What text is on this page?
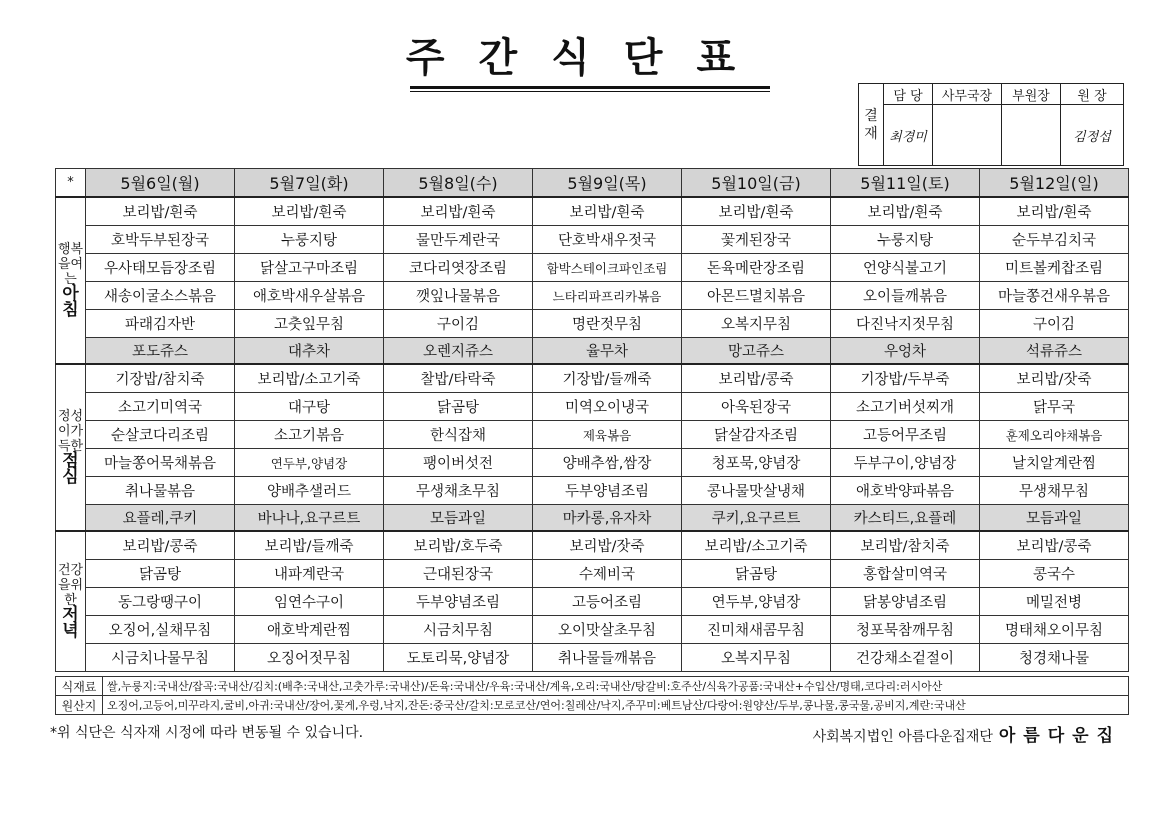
주간식단표
결재	담 당	사무국장	부원장	원 장
	최경미			김정섭
*	5월6일(월)	5월7일(화)	5월8일(수)	5월9일(목)	5월10일(금)	5월11일(토)	5월12일(일)
행복을여는
아침	보리밥/흰죽	보리밥/흰죽	보리밥/흰죽	보리밥/흰죽	보리밥/흰죽	보리밥/흰죽	보리밥/흰죽
	호박두부된장국	누룽지탕	물만두계란국	단호박새우젓국	꽃게된장국	누룽지탕	순두부김치국
	우사태모듬장조림	닭살고구마조림	코다리엿장조림	함박스테이크파인조림	돈육메란장조림	언양식불고기	미트볼케찹조림
	새송이굴소스볶음	애호박새우살볶음	깻잎나물볶음	느타리파프리카볶음	아몬드멸치볶음	오이들깨볶음	마늘쫑건새우볶음
	파래김자반	고춧잎무침	구이김	명란젓무침	오복지무침	다진낙지젓무침	구이김
	포도쥬스	대추차	오렌지쥬스	율무차	망고쥬스	우엉차	석류쥬스
정성이가득한
점심	기장밥/참치죽	보리밥/소고기죽	찰밥/타락죽	기장밥/들깨죽	보리밥/콩죽	기장밥/두부죽	보리밥/잣죽
	소고기미역국	대구탕	닭곰탕	미역오이냉국	아욱된장국	소고기버섯찌개	닭무국
	순살코다리조림	소고기볶음	한식잡채	제육볶음	닭살감자조림	고등어무조림	훈제오리야채볶음
	마늘쫑어묵채볶음	연두부,양념장	팽이버섯전	양배추쌈,쌈장	청포묵,양념장	두부구이,양념장	날치알계란찜
	취나물볶음	양배추샐러드	무생채초무침	두부양념조림	콩나물맛살냉채	애호박양파볶음	무생채무침
	요플레,쿠키	바나나,요구르트	모듬과일	마카롱,유자차	쿠키,요구르트	카스티드,요플레	모듬과일
건강을위한
저녁	보리밥/콩죽	보리밥/들깨죽	보리밥/호두죽	보리밥/잣죽	보리밥/소고기죽	보리밥/참치죽	보리밥/콩죽
	닭곰탕	내파계란국	근대된장국	수제비국	닭곰탕	홍합살미역국	콩국수
	동그랑땡구이	임연수구이	두부양념조림	고등어조림	연두부,양념장	닭봉양념조림	메밀전병
	오징어,실채무침	애호박계란찜	시금치무침	오이맛살초무침	진미채새콤무침	청포묵참깨무침	명태채오이무침
	시금치나물무침	오징어젓무침	도토리묵,양념장	취나물들깨볶음	오복지무침	건강채소겉절이	청경채나물
식재료	쌀,누룽지:국내산/잡곡:국내산/김치:(배추:국내산,고춧가루:국내산)/돈육:국내산/우육:국내산/계육,오리:국내산/탕갈비:호주산/식육가공품:국내산+수입산/명태,코다리:러시아산
원산지	오징어,고등어,미꾸라지,굴비,아귀:국내산/장어,꽃게,우렁,낙지,잔돈:중국산/갈치:모로코산/연어:칠레산/낙지,주꾸미:베트남산/다랑어:원양산/두부,콩나물,콩국물,공비지,계란:국내산
*위 식단은 식자재 시정에 따라 변동될 수 있습니다.	사회복지법인 아름다운집재단 아름다운집
